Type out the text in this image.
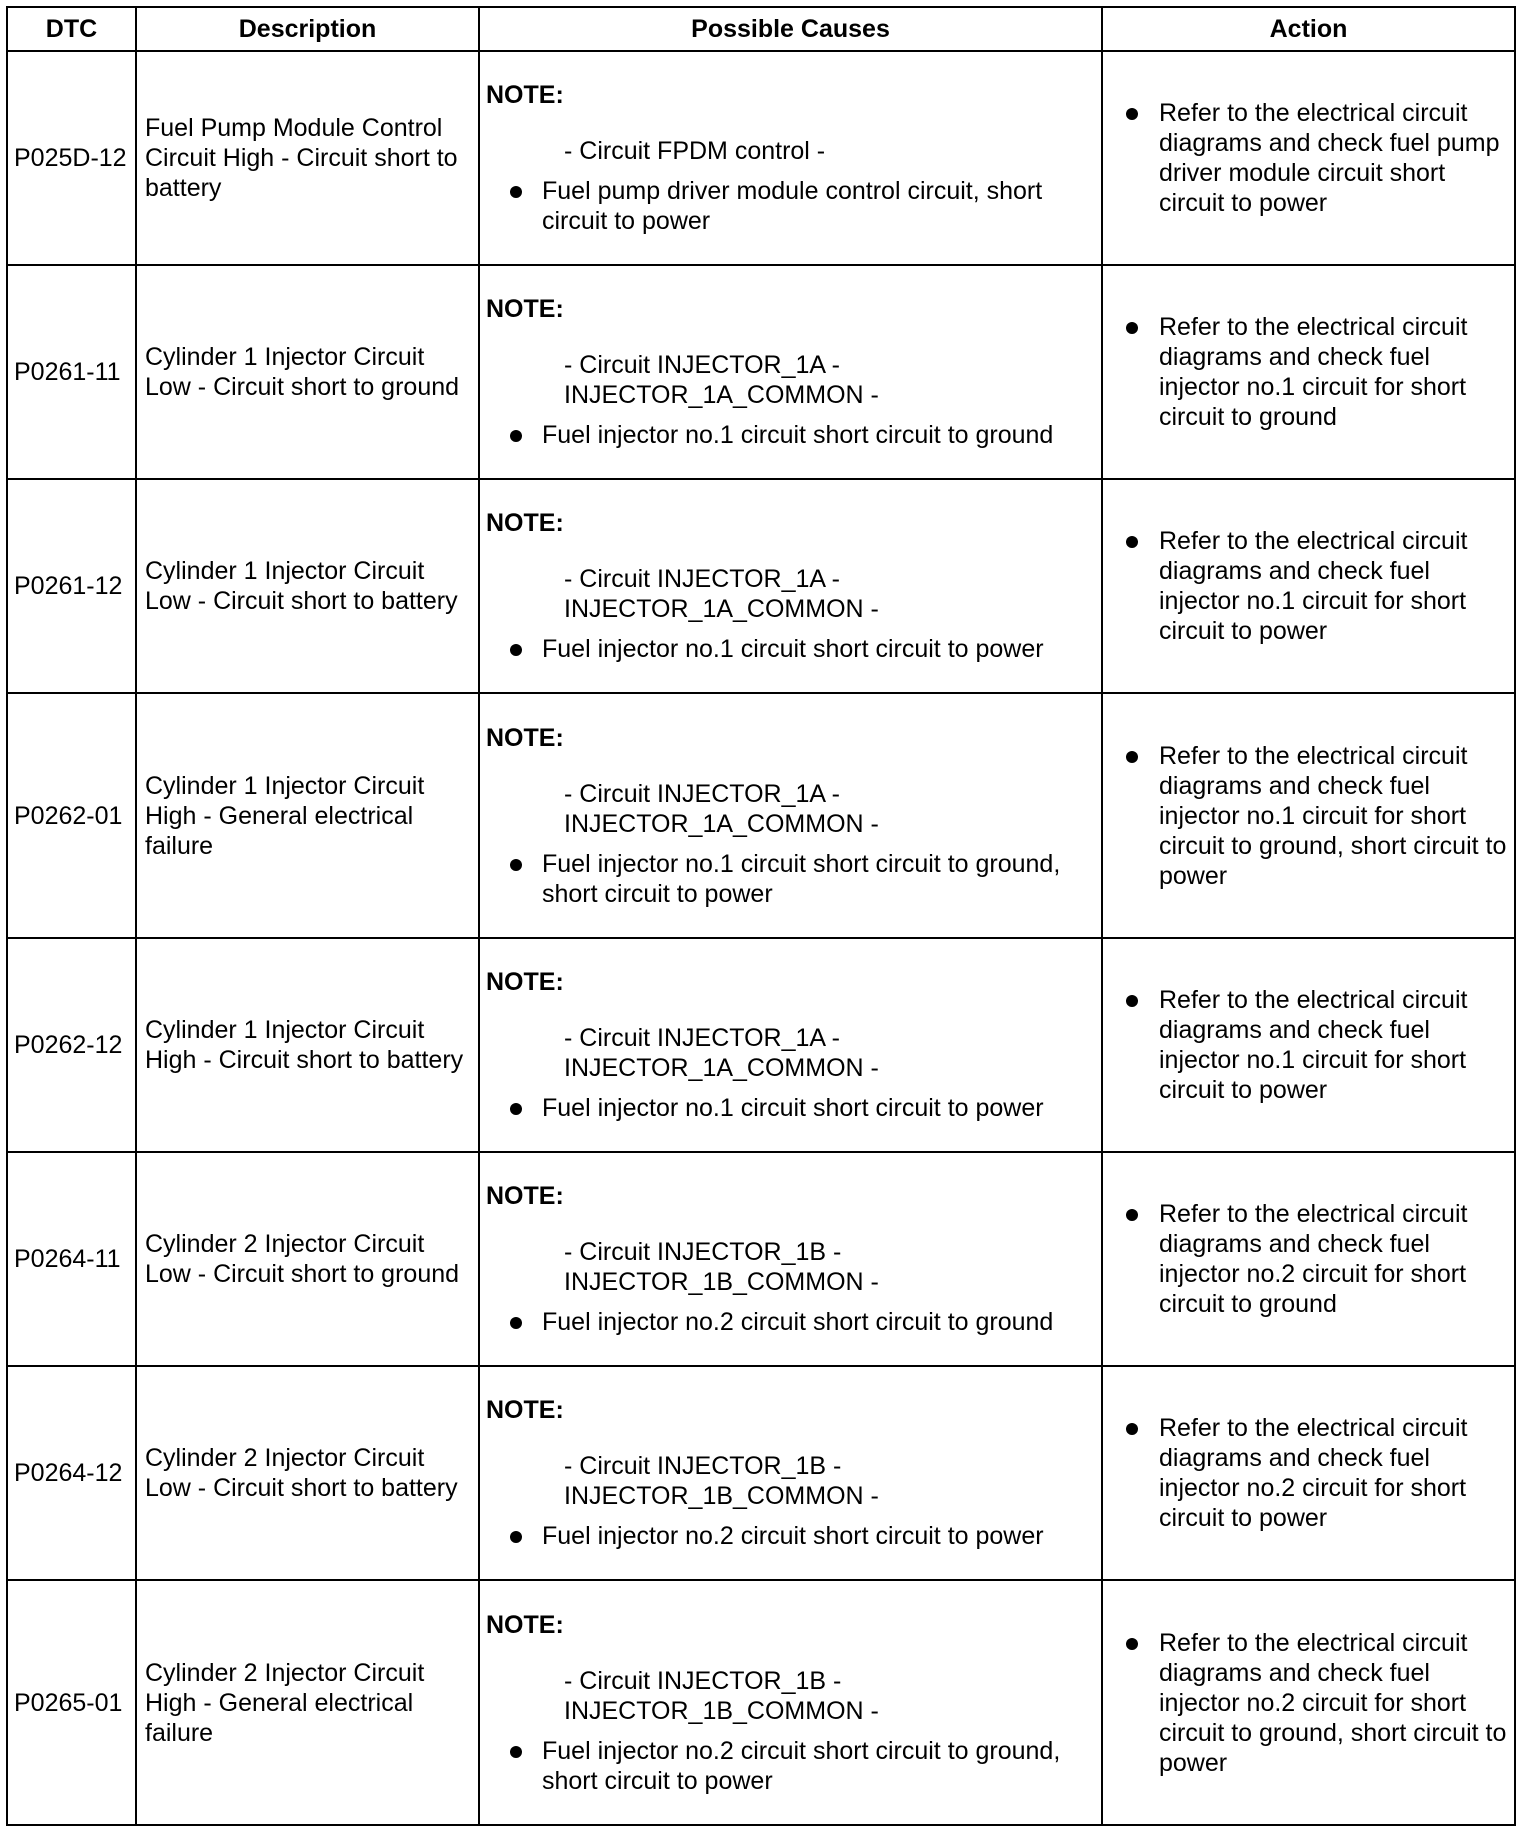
DTC	Description	Possible Causes	Action
P025D-12	Fuel Pump Module Control Circuit High - Circuit short to battery	NOTE:
- Circuit FPDM control -
Fuel pump driver module control circuit, short circuit to power	Refer to the electrical circuit diagrams and check fuel pump driver module circuit short circuit to power

P0261-11	Cylinder 1 Injector Circuit Low - Circuit short to ground	NOTE:
- Circuit INJECTOR_1A - INJECTOR_1A_COMMON -
Fuel injector no.1 circuit short circuit to ground	Refer to the electrical circuit diagrams and check fuel injector no.1 circuit for short circuit to ground

P0261-12	Cylinder 1 Injector Circuit Low - Circuit short to battery	NOTE:
- Circuit INJECTOR_1A - INJECTOR_1A_COMMON -
Fuel injector no.1 circuit short circuit to power	Refer to the electrical circuit diagrams and check fuel injector no.1 circuit for short circuit to power

P0262-01	Cylinder 1 Injector Circuit High - General electrical failure	NOTE:
- Circuit INJECTOR_1A - INJECTOR_1A_COMMON -
Fuel injector no.1 circuit short circuit to ground, short circuit to power	Refer to the electrical circuit diagrams and check fuel injector no.1 circuit for short circuit to ground, short circuit to power

P0262-12	Cylinder 1 Injector Circuit High - Circuit short to battery	NOTE:
- Circuit INJECTOR_1A - INJECTOR_1A_COMMON -
Fuel injector no.1 circuit short circuit to power	Refer to the electrical circuit diagrams and check fuel injector no.1 circuit for short circuit to power

P0264-11	Cylinder 2 Injector Circuit Low - Circuit short to ground	NOTE:
- Circuit INJECTOR_1B - INJECTOR_1B_COMMON -
Fuel injector no.2 circuit short circuit to ground	Refer to the electrical circuit diagrams and check fuel injector no.2 circuit for short circuit to ground

P0264-12	Cylinder 2 Injector Circuit Low - Circuit short to battery	NOTE:
- Circuit INJECTOR_1B - INJECTOR_1B_COMMON -
Fuel injector no.2 circuit short circuit to power	Refer to the electrical circuit diagrams and check fuel injector no.2 circuit for short circuit to power

P0265-01	Cylinder 2 Injector Circuit High - General electrical failure	NOTE:
- Circuit INJECTOR_1B - INJECTOR_1B_COMMON -
Fuel injector no.2 circuit short circuit to ground, short circuit to power	Refer to the electrical circuit diagrams and check fuel injector no.2 circuit for short circuit to ground, short circuit to power
